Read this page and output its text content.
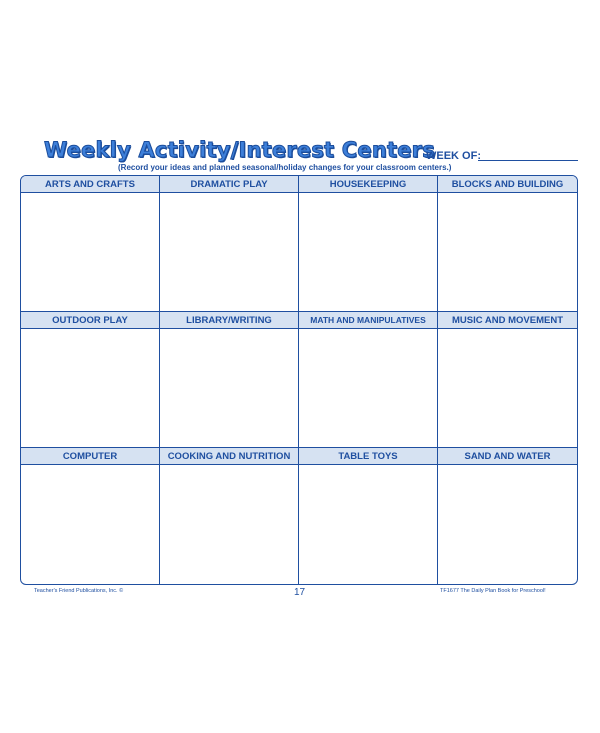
Weekly Activity/Interest Centers
WEEK OF:
(Record your ideas and planned seasonal/holiday changes for your classroom centers.)
ARTS AND CRAFTS	DRAMATIC PLAY	HOUSEKEEPING	BLOCKS AND BUILDING
OUTDOOR PLAY	LIBRARY/WRITING	MATH AND MANIPULATIVES	MUSIC AND MOVEMENT
COMPUTER	COOKING AND NUTRITION	TABLE TOYS	SAND AND WATER
Teacher's Friend Publications, Inc. ©	17	TF1677 The Daily Plan Book for Preschool!
